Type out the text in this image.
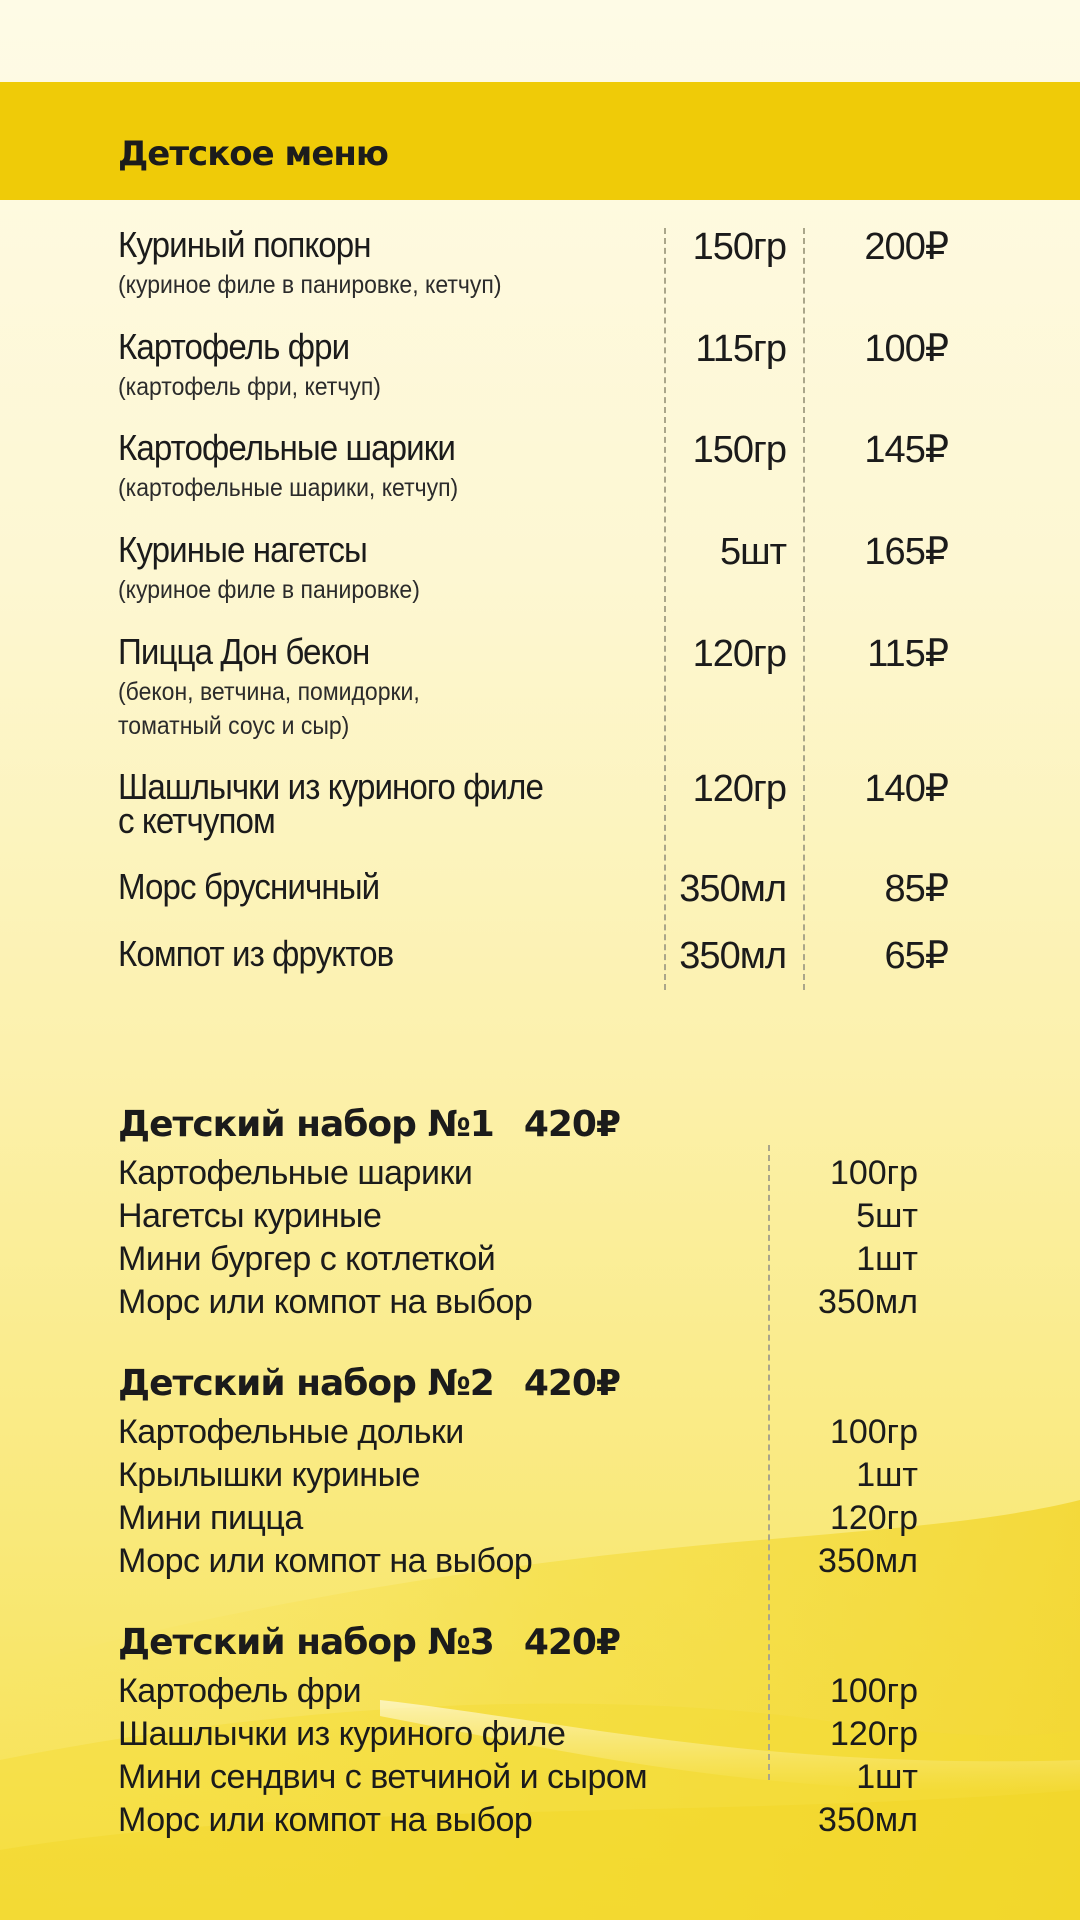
Детское меню
Куриный попкорн
(куриное филе в панировке, кетчуп)
150гр 200₽
Картофель фри
(картофель фри, кетчуп)
115гр 100₽
Картофельные шарики
(картофельные шарики, кетчуп)
150гр 145₽
Куриные нагетсы
(куриное филе в панировке)
5шт 165₽
Пицца Дон бекон
(бекон, ветчина, помидорки,
томатный соус и сыр)
120гр 115₽
Шашлычки из куриного филе
с кетчупом
120гр 140₽
Морс брусничный	350мл	85₽
Компот из фруктов	350мл	65₽
Детский набор №1 420₽
Картофельные шарики	100гр
Нагетсы куриные	5шт
Мини бургер с котлеткой	1шт
Морс или компот на выбор	350мл
Детский набор №2 420₽
Картофельные дольки	100гр
Крылышки куриные	1шт
Мини пицца	120гр
Морс или компот на выбор	350мл
Детский набор №3 420₽
Картофель фри	100гр
Шашлычки из куриного филе	120гр
Мини сендвич с ветчиной и сыром	1шт
Морс или компот на выбор	350мл
